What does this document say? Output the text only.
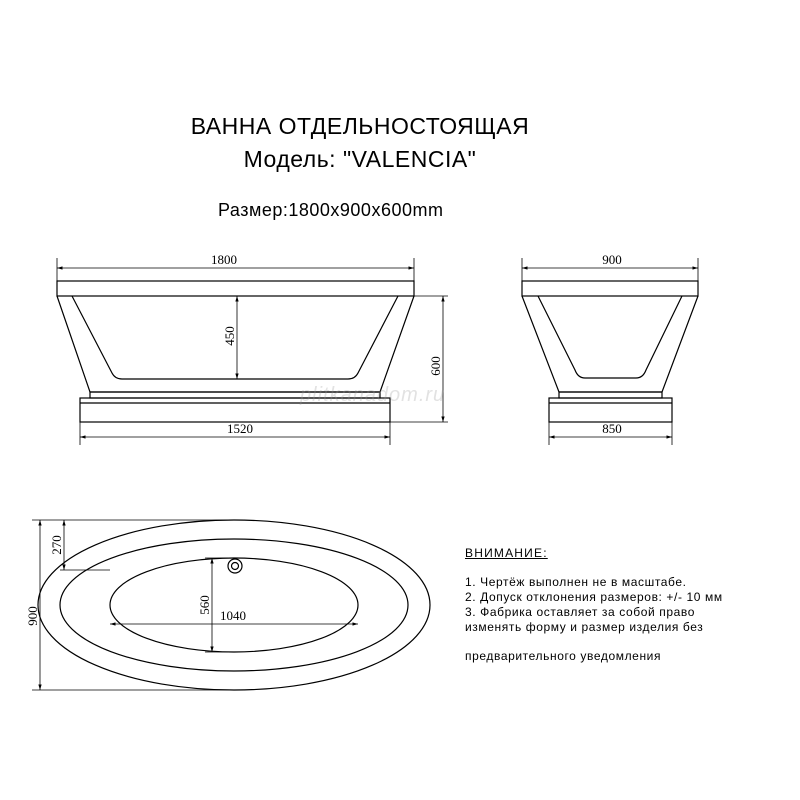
ВАННА ОТДЕЛЬНОСТОЯЩАЯ
Модель: "VALENCIA"
Размер:1800x900x600mm
1800
1520
450
600
900
850
270
900
560
1040
plitkanadom.ru
ВНИМАНИЕ:
1. Чертёж выполнен не в масштабе.
2. Допуск отклонения размеров: +/- 10 мм
3. Фабрика оставляет за собой право
изменять форму и размер изделия без
предварительного уведомления
